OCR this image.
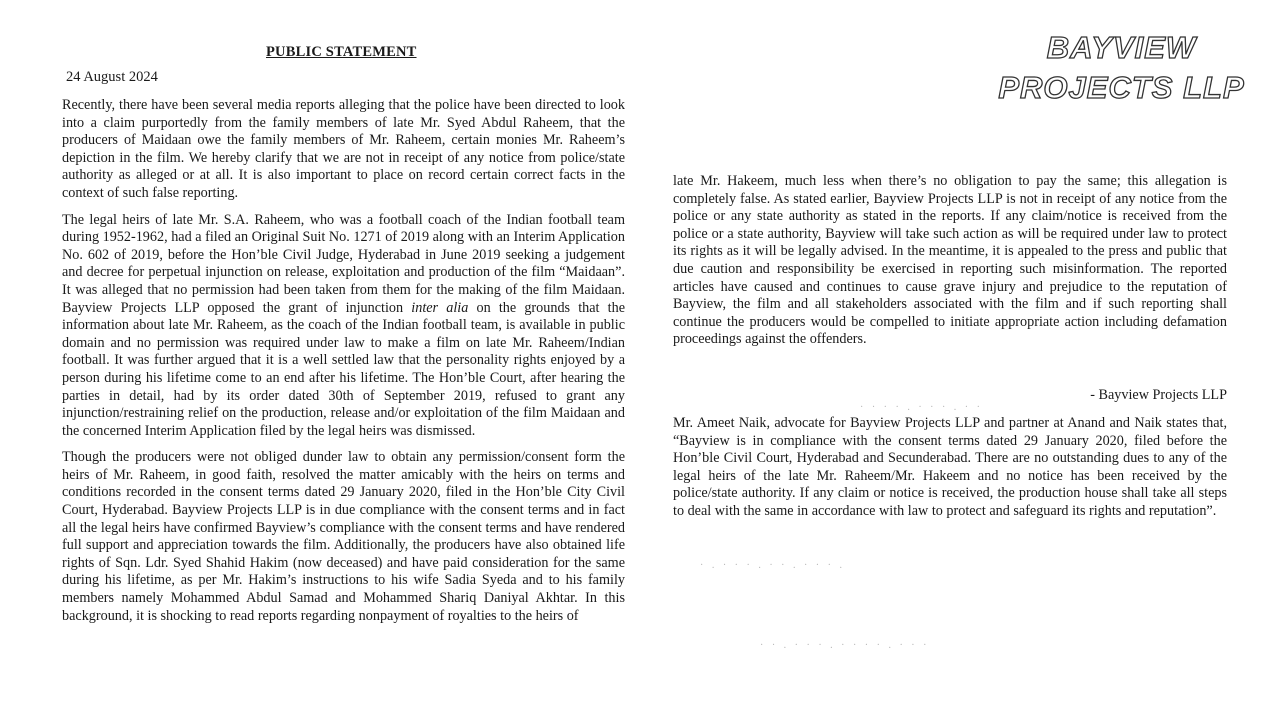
PUBLIC STATEMENT

24 August 2024

Recently, there have been several media reports alleging that the police have been directed to look into a claim purportedly from the family members of late Mr. Syed Abdul Raheem, that the producers of Maidaan owe the family members of Mr. Raheem, certain monies Mr. Raheem’s depiction in the film. We hereby clarify that we are not in receipt of any notice from police/state authority as alleged or at all. It is also important to place on record certain correct facts in the context of such false reporting.

The legal heirs of late Mr. S.A. Raheem, who was a football coach of the Indian football team during 1952-1962, had a filed an Original Suit No. 1271 of 2019 along with an Interim Application No. 602 of 2019, before the Hon’ble Civil Judge, Hyderabad in June 2019 seeking a judgement and decree for perpetual injunction on release, exploitation and production of the film “Maidaan”. It was alleged that no permission had been taken from them for the making of the film Maidaan. Bayview Projects LLP opposed the grant of injunction inter alia on the grounds that the information about late Mr. Raheem, as the coach of the Indian football team, is available in public domain and no permission was required under law to make a film on late Mr. Raheem/Indian football. It was further argued that it is a well settled law that the personality rights enjoyed by a person during his lifetime come to an end after his lifetime. The Hon’ble Court, after hearing the parties in detail, had by its order dated 30th of September 2019, refused to grant any injunction/restraining relief on the production, release and/or exploitation of the film Maidaan and the concerned Interim Application filed by the legal heirs was dismissed.

Though the producers were not obliged dunder law to obtain any permission/consent form the heirs of Mr. Raheem, in good faith, resolved the matter amicably with the heirs on terms and conditions recorded in the consent terms dated 29 January 2020, filed in the Hon’ble City Civil Court, Hyderabad. Bayview Projects LLP is in due compliance with the consent terms and in fact all the legal heirs have confirmed Bayview’s compliance with the consent terms and have rendered full support and appreciation towards the film. Additionally, the producers have also obtained life rights of Sqn. Ldr. Syed Shahid Hakim (now deceased) and have paid consideration for the same during his lifetime, as per Mr. Hakim’s instructions to his wife Sadia Syeda and to his family members namely Mohammed Abdul Samad and Mohammed Shariq Daniyal Akhtar. In this background, it is shocking to read reports regarding nonpayment of royalties to the heirs of

BAYVIEW
PROJECTS LLP

late Mr. Hakeem, much less when there’s no obligation to pay the same; this allegation is completely false. As stated earlier, Bayview Projects LLP is not in receipt of any notice from the police or any state authority as stated in the reports. If any claim/notice is received from the police or a state authority, Bayview will take such action as will be required under law to protect its rights as it will be legally advised. In the meantime, it is appealed to the press and public that due caution and responsibility be exercised in reporting such misinformation. The reported articles have caused and continues to cause grave injury and prejudice to the reputation of Bayview, the film and all stakeholders associated with the film and if such reporting shall continue the producers would be compelled to initiate appropriate action including defamation proceedings against the offenders.

- Bayview Projects LLP

Mr. Ameet Naik, advocate for Bayview Projects LLP and partner at Anand and Naik states that, “Bayview is in compliance with the consent terms dated 29 January 2020, filed before the Hon’ble Civil Court, Hyderabad and Secunderabad. There are no outstanding dues to any of the legal heirs of the late Mr. Raheem/Mr. Hakeem and no notice has been received by the police/state authority. If any claim or notice is received, the production house shall take all steps to deal with the same in accordance with law to protect and safeguard its rights and reputation”.

· · · · . · · · . · ·
· . · · · . · · . · · · .
· · . · · · . · · · · . · · ·
